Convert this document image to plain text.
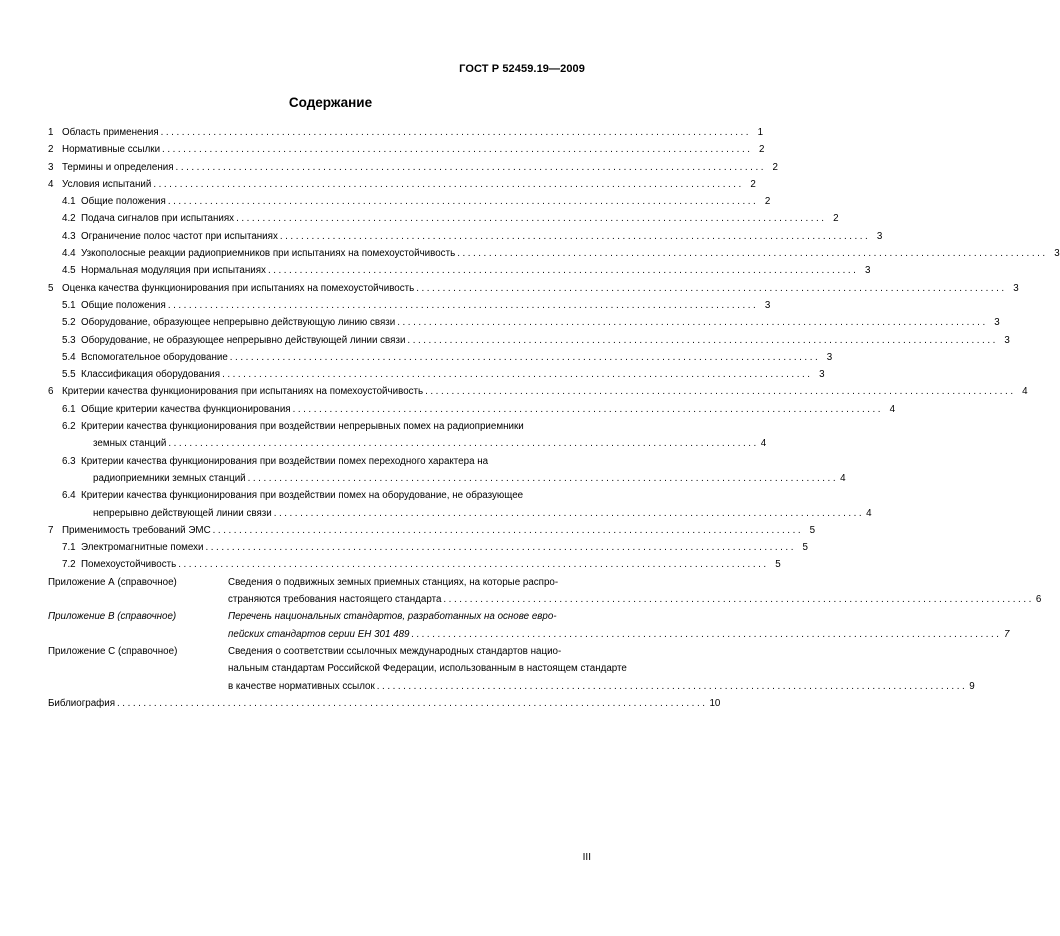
ГОСТ Р 52459.19—2009
Содержание
1 Область применения ................................................................................................................ 1
2 Нормативные ссылки ................................................................................................................ 2
3 Термины и определения ................................................................................................................ 2
4 Условия испытаний ................................................................................................................ 2
4.1 Общие положения ................................................................................................................ 2
4.2 Подача сигналов при испытаниях ................................................................................................................ 2
4.3 Ограничение полос частот при испытаниях ................................................................................................................ 3
4.4 Узкополосные реакции радиоприемников при испытаниях на помехоустойчивость ................................................................................................................ 3
4.5 Нормальная модуляция при испытаниях ................................................................................................................ 3
5 Оценка качества функционирования при испытаниях на помехоустойчивость ................................................................................................................ 3
5.1 Общие положения ................................................................................................................ 3
5.2 Оборудование, образующее непрерывно действующую линию связи ................................................................................................................ 3
5.3 Оборудование, не образующее непрерывно действующей линии связи ................................................................................................................ 3
5.4 Вспомогательное оборудование ................................................................................................................ 3
5.5 Классификация оборудования ................................................................................................................ 3
6 Критерии качества функционирования при испытаниях на помехоустойчивость ................................................................................................................ 4
6.1 Общие критерии качества функционирования ................................................................................................................ 4
6.2 Критерии качества функционирования при воздействии непрерывных помех на радиоприемники
земных станций ................................................................................................................ 4
6.3 Критерии качества функционирования при воздействии помех переходного характера на
радиоприемники земных станций ................................................................................................................ 4
6.4 Критерии качества функционирования при воздействии помех на оборудование, не образующее
непрерывно действующей линии связи ................................................................................................................ 4
7 Применимость требований ЭМС ................................................................................................................ 5
7.1 Электромагнитные помехи ................................................................................................................ 5
7.2 Помехоустойчивость ................................................................................................................ 5
Приложение А (справочное)	Сведения о подвижных земных приемных станциях, на которые распро-
страняются требования настоящего стандарта ................................................................................................................ 6
Приложение В (справочное)	Перечень национальных стандартов, разработанных на основе евро-
пейских стандартов серии ЕН 301 489 ................................................................................................................ 7
Приложение С (справочное)	Сведения о соответствии ссылочных международных стандартов нацио-
нальным стандартам Российской Федерации, использованным в настоящем стандарте
в качестве нормативных ссылок ................................................................................................................ 9
Библиография ................................................................................................................ 10
III
